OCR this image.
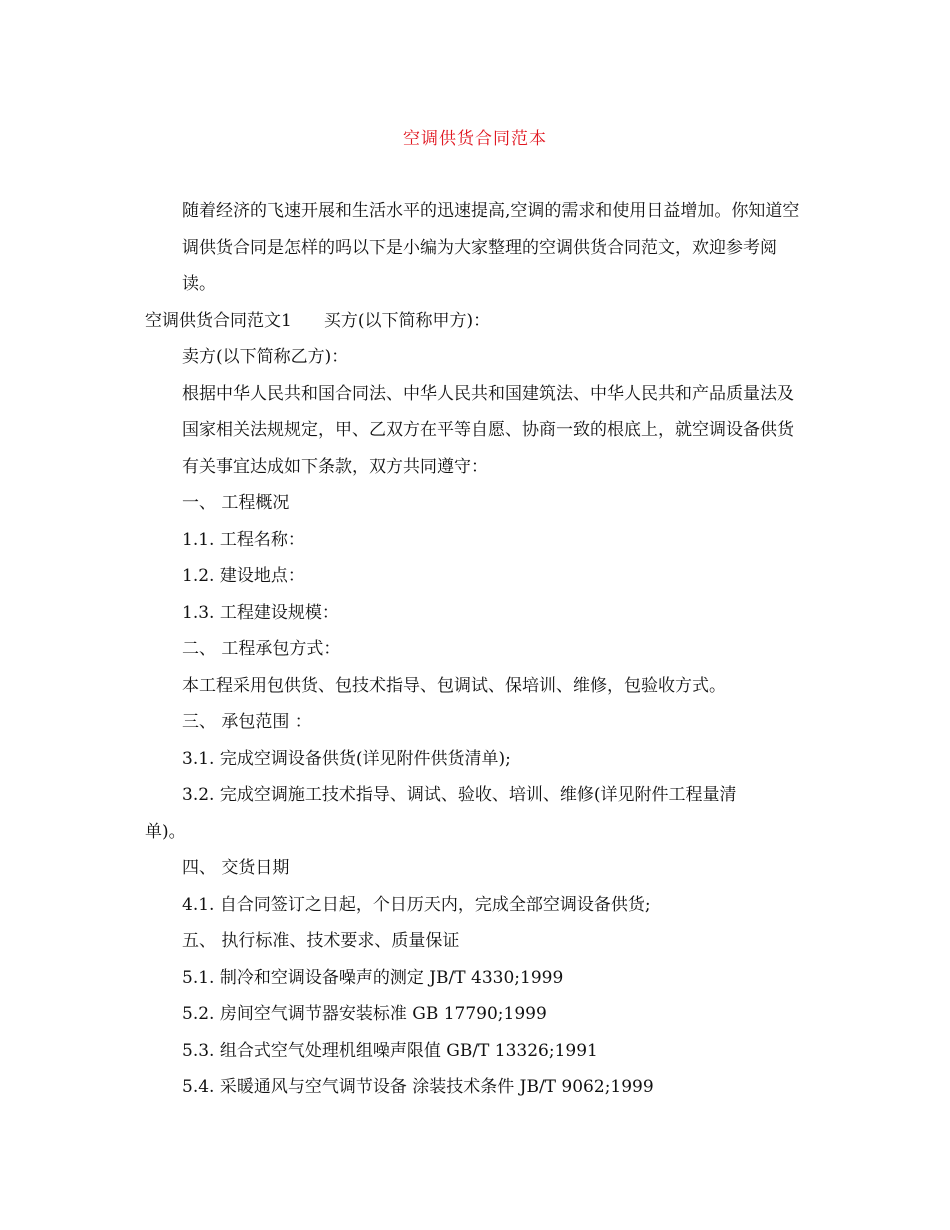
空调供货合同范本
随着经济的飞速开展和生活水平的迅速提高,空调的需求和使用日益增加。你知道空调供货合同是怎样的吗以下是小编为大家整理的空调供货合同范文，欢迎参考阅读。
空调供货合同范文1 买方(以下简称甲方)：
卖方(以下简称乙方)：
根据中华人民共和国合同法、中华人民共和国建筑法、中华人民共和产品质量法及国家相关法规规定，甲、乙双方在平等自愿、协商一致的根底上，就空调设备供货有关事宜达成如下条款，双方共同遵守：
一、 工程概况
1.1. 工程名称：
1.2. 建设地点：
1.3. 工程建设规模：
二、 工程承包方式：
本工程采用包供货、包技术指导、包调试、保培训、维修，包验收方式。
三、 承包范围 ：
3.1. 完成空调设备供货(详见附件供货清单);
3.2. 完成空调施工技术指导、调试、验收、培训、维修(详见附件工程量清
单)。
四、 交货日期
4.1. 自合同签订之日起，个日历天内，完成全部空调设备供货;
五、 执行标准、技术要求、质量保证
5.1. 制冷和空调设备噪声的测定 JB/T 4330;1999
5.2. 房间空气调节器安装标准 GB 17790;1999
5.3. 组合式空气处理机组噪声限值 GB/T 13326;1991
5.4. 采暖通风与空气调节设备 涂装技术条件 JB/T 9062;1999
